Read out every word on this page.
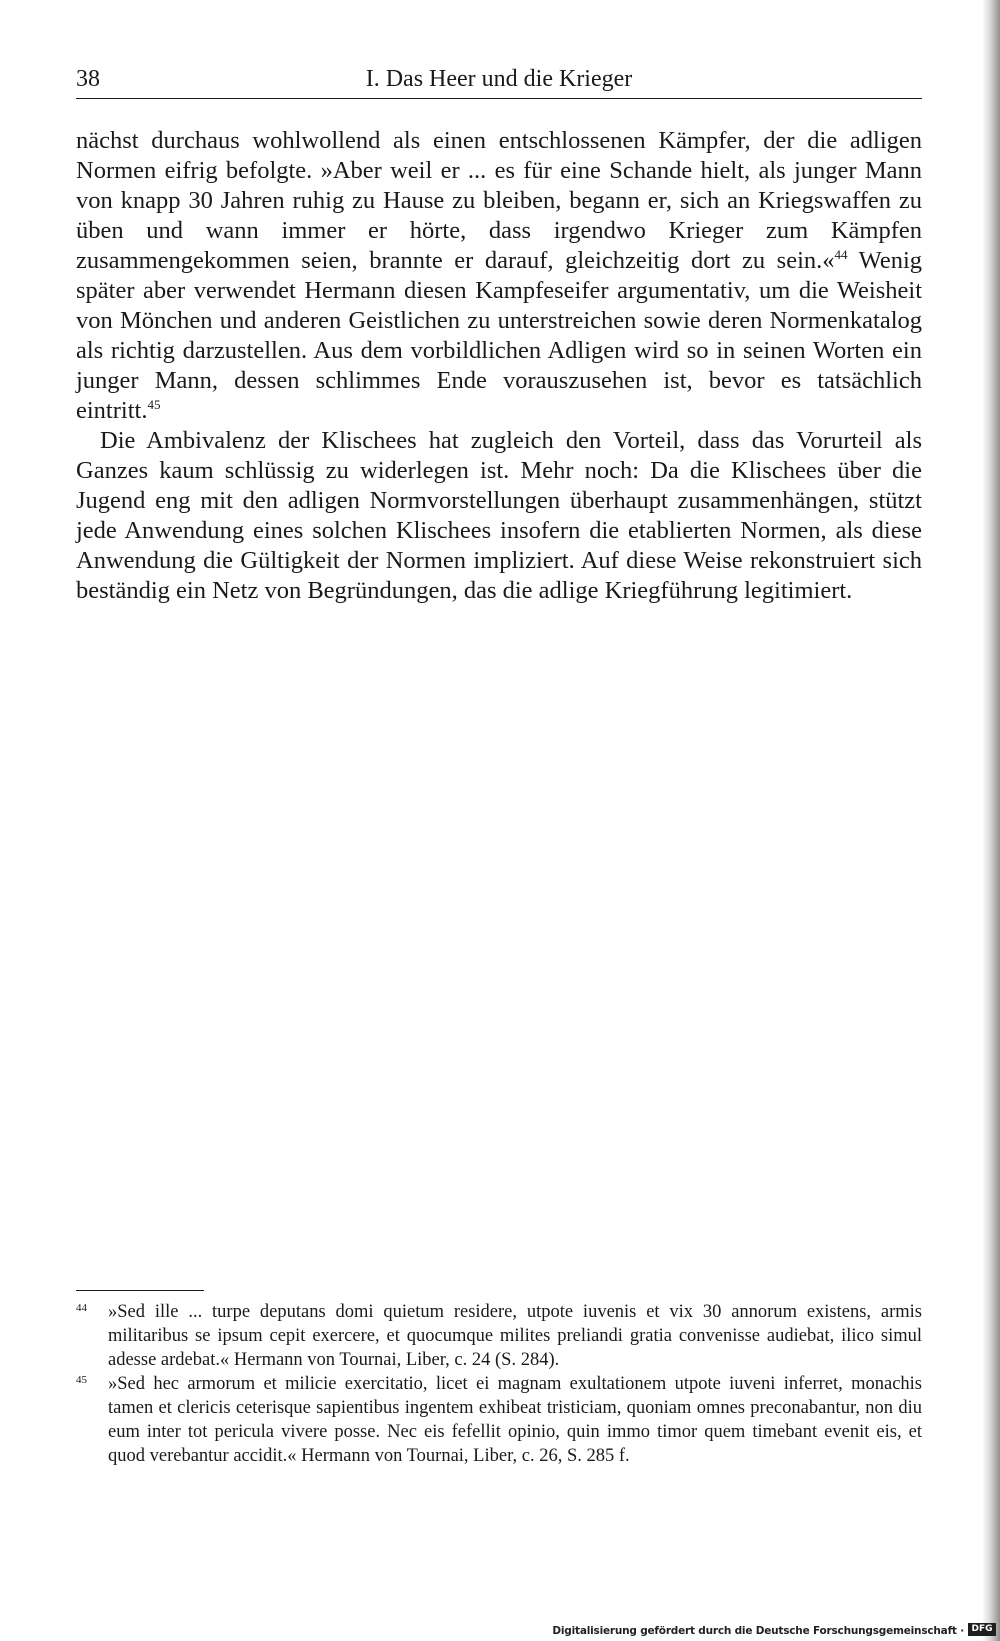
38	I. Das Heer und die Krieger

nächst durchaus wohlwollend als einen entschlossenen Kämpfer, der die adligen Normen eifrig befolgte. »Aber weil er ... es für eine Schande hielt, als junger Mann von knapp 30 Jahren ruhig zu Hause zu bleiben, begann er, sich an Kriegswaffen zu üben und wann immer er hörte, dass irgendwo Krieger zum Kämpfen zusammengekommen seien, brannte er darauf, gleichzeitig dort zu sein.«$^{44}$ Wenig später aber verwendet Hermann diesen Kampfeseifer argumentativ, um die Weisheit von Mönchen und anderen Geistlichen zu unterstreichen sowie deren Normenkatalog als richtig darzustellen. Aus dem vorbildlichen Adligen wird so in seinen Worten ein junger Mann, dessen schlimmes Ende vorauszusehen ist, bevor es tatsächlich eintritt.$^{45}$

Die Ambivalenz der Klischees hat zugleich den Vorteil, dass das Vorurteil als Ganzes kaum schlüssig zu widerlegen ist. Mehr noch: Da die Klischees über die Jugend eng mit den adligen Normvorstellungen überhaupt zusammenhängen, stützt jede Anwendung eines solchen Klischees insofern die etablierten Normen, als diese Anwendung die Gültigkeit der Normen impliziert. Auf diese Weise rekonstruiert sich beständig ein Netz von Begründungen, das die adlige Kriegführung legitimiert.

44 »Sed ille ... turpe deputans domi quietum residere, utpote iuvenis et vix 30 annorum existens, armis militaribus se ipsum cepit exercere, et quocumque milites preliandi gratia convenisse audiebat, ilico simul adesse ardebat.« Hermann von Tournai, Liber, c. 24 (S. 284).
45 »Sed hec armorum et milicie exercitatio, licet ei magnam exultationem utpote iuveni inferret, monachis tamen et clericis ceterisque sapientibus ingentem exhibeat tristiciam, quoniam omnes preconabantur, non diu eum inter tot pericula vivere posse. Nec eis fefellit opinio, quin immo timor quem timebant evenit eis, et quod verebantur accidit.« Hermann von Tournai, Liber, c. 26, S. 285 f.
Digitalisierung gefördert durch die Deutsche Forschungsgemeinschaft · DFG
